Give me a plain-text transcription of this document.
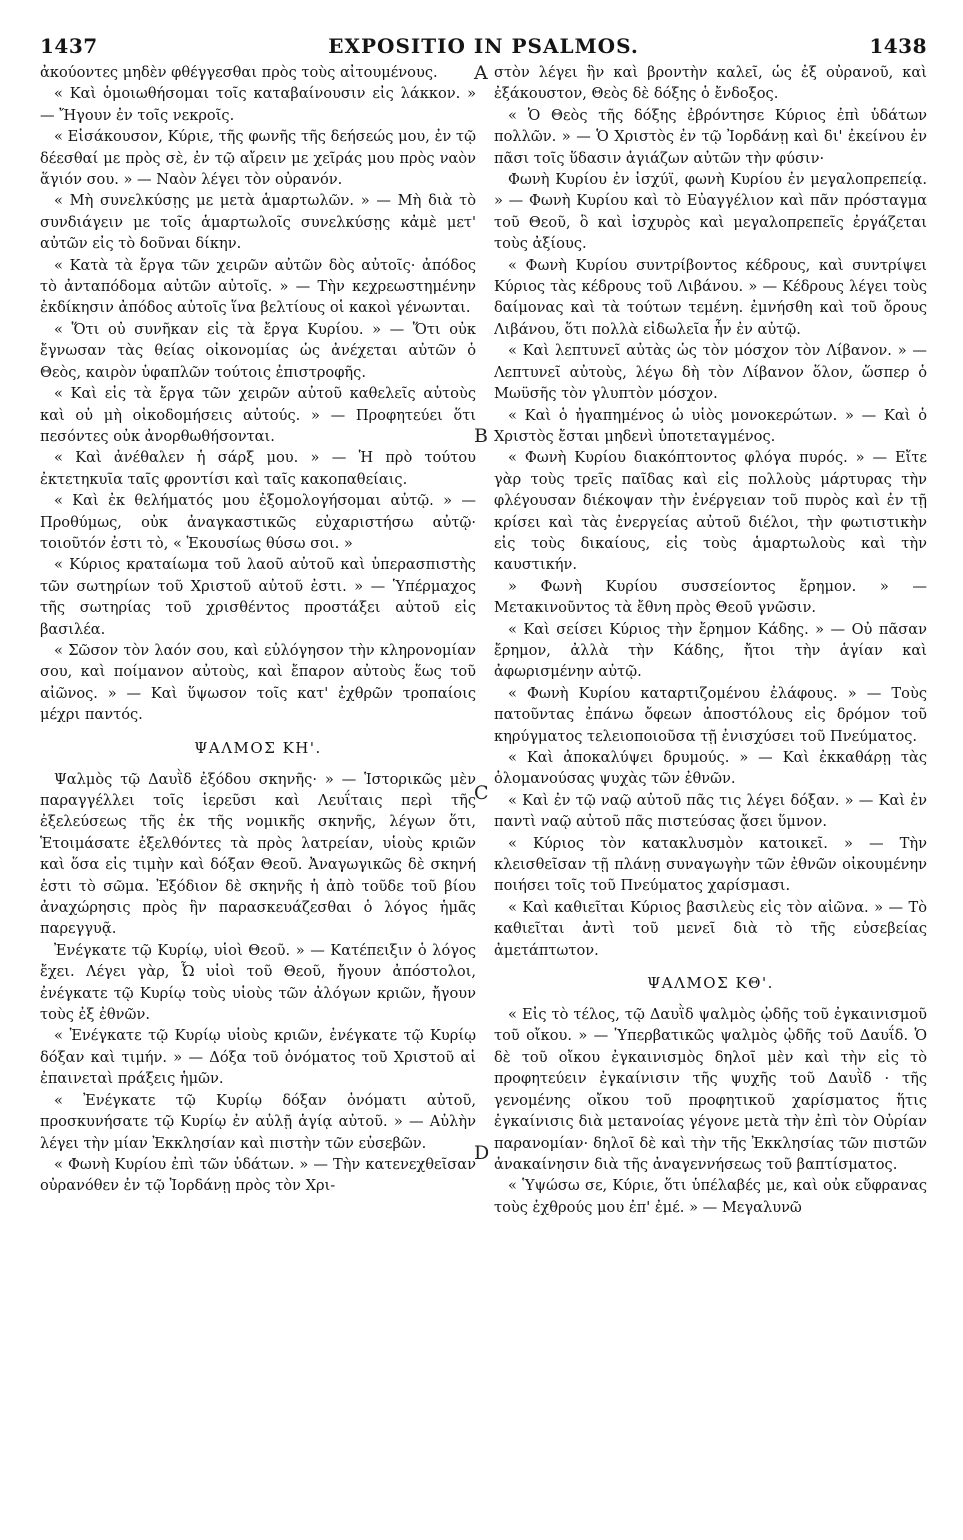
1437	EXPOSITIO IN PSALMOS.	1438
A
B
C
D

ἀκούοντες μηδὲν φθέγγεσθαι πρὸς τοὺς αἰτουμένους.

« Καὶ ὁμοιωθήσομαι τοῖς καταβαίνουσιν εἰς λάκκον. » — Ἤγουν ἐν τοῖς νεκροῖς.

« Εἰσάκουσον, Κύριε, τῆς φωνῆς τῆς δεήσεώς μου, ἐν τῷ δέεσθαί με πρὸς σὲ, ἐν τῷ αἴρειν με χεῖράς μου πρὸς ναὸν ἅγιόν σου. » — Ναὸν λέγει τὸν οὐρανόν.

« Μὴ συνελκύσῃς με μετὰ ἁμαρτωλῶν. » — Μὴ διὰ τὸ συνδιάγειν με τοῖς ἁμαρτωλοῖς συνελκύσῃς κἀμὲ μετ' αὐτῶν εἰς τὸ δοῦναι δίκην.

« Κατὰ τὰ ἔργα τῶν χειρῶν αὐτῶν δὸς αὐτοῖς· ἀπόδος τὸ ἀνταπόδομα αὐτῶν αὐτοῖς. » — Τὴν κεχρεωστημένην ἐκδίκησιν ἀπόδος αὐτοῖς ἵνα βελτίους οἱ κακοὶ γένωνται.

« Ὅτι οὐ συνῆκαν εἰς τὰ ἔργα Κυρίου. » — Ὅτι οὐκ ἔγνωσαν τὰς θείας οἰκονομίας ὡς ἀνέχεται αὐτῶν ὁ Θεὸς, καιρὸν ὑφαπλῶν τούτοις ἐπιστροφῆς.

« Καὶ εἰς τὰ ἔργα τῶν χειρῶν αὐτοῦ καθελεῖς αὐτοὺς καὶ οὐ μὴ οἰκοδομήσεις αὐτούς. » — Προφητεύει ὅτι πεσόντες οὐκ ἀνορθωθήσονται.

« Καὶ ἀνέθαλεν ἡ σάρξ μου. » — Ἡ πρὸ τούτου ἐκτετηκυῖα ταῖς φροντίσι καὶ ταῖς κακοπαθείαις.

« Καὶ ἐκ θελήματός μου ἐξομολογήσομαι αὐτῷ. » — Προθύμως, οὐκ ἀναγκαστικῶς εὐχαριστήσω αὐτῷ· τοιοῦτόν ἐστι τὸ, « Ἑκουσίως θύσω σοι. »

« Κύριος κραταίωμα τοῦ λαοῦ αὐτοῦ καὶ ὑπερασπιστὴς τῶν σωτηρίων τοῦ Χριστοῦ αὐτοῦ ἐστι. » — Ὑπέρμαχος τῆς σωτηρίας τοῦ χρισθέντος προστάξει αὐτοῦ εἰς βασιλέα.

« Σῶσον τὸν λαόν σου, καὶ εὐλόγησον τὴν κληρονομίαν σου, καὶ ποίμανον αὐτοὺς, καὶ ἔπαρον αὐτοὺς ἕως τοῦ αἰῶνος. » — Καὶ ὕψωσον τοῖς κατ' ἐχθρῶν τροπαίοις μέχρι παντός.

ΨΑΛΜΟΣ ΚΗ'.

Ψαλμὸς τῷ Δαυῒδ ἐξόδου σκηνῆς· » — Ἱστορικῶς μὲν παραγγέλλει τοῖς ἱερεῦσι καὶ Λευΐταις περὶ τῆς ἐξελεύσεως τῆς ἐκ τῆς νομικῆς σκηνῆς, λέγων ὅτι, Ἑτοιμάσατε ἐξελθόντες τὰ πρὸς λατρείαν, υἱοὺς κριῶν καὶ ὅσα εἰς τιμὴν καὶ δόξαν Θεοῦ. Ἀναγωγικῶς δὲ σκηνή ἐστι τὸ σῶμα. Ἐξόδιον δὲ σκηνῆς ἡ ἀπὸ τοῦδε τοῦ βίου ἀναχώρησις πρὸς ἣν παρασκευάζεσθαι ὁ λόγος ἡμᾶς παρεγγυᾷ.

Ἐνέγκατε τῷ Κυρίῳ, υἱοὶ Θεοῦ. » — Κατέπειξιν ὁ λόγος ἔχει. Λέγει γὰρ, Ὦ υἱοὶ τοῦ Θεοῦ, ἤγουν ἀπόστολοι, ἐνέγκατε τῷ Κυρίῳ τοὺς υἱοὺς τῶν ἀλόγων κριῶν, ἤγουν τοὺς ἐξ ἐθνῶν.

« Ἐνέγκατε τῷ Κυρίῳ υἱοὺς κριῶν, ἐνέγκατε τῷ Κυρίῳ δόξαν καὶ τιμήν. » — Δόξα τοῦ ὀνόματος τοῦ Χριστοῦ αἱ ἐπαινεταὶ πράξεις ἡμῶν.

« Ἐνέγκατε τῷ Κυρίῳ δόξαν ὀνόματι αὐτοῦ, προσκυνήσατε τῷ Κυρίῳ ἐν αὐλῇ ἁγίᾳ αὐτοῦ. » — Αὐλὴν λέγει τὴν μίαν Ἐκκλησίαν καὶ πιστὴν τῶν εὐσεβῶν.

« Φωνὴ Κυρίου ἐπὶ τῶν ὑδάτων. » — Τὴν κατενεχθεῖσαν οὐρανόθεν ἐν τῷ Ἰορδάνῃ πρὸς τὸν Χρι-

στὸν λέγει ἣν καὶ βροντὴν καλεῖ, ὡς ἐξ οὐρανοῦ, καὶ ἐξάκουστον, Θεὸς δὲ δόξης ὁ ἔνδοξος.

« Ὁ Θεὸς τῆς δόξης ἐβρόντησε Κύριος ἐπὶ ὑδάτων πολλῶν. » — Ὁ Χριστὸς ἐν τῷ Ἰορδάνῃ καὶ δι' ἐκείνου ἐν πᾶσι τοῖς ὕδασιν ἁγιάζων αὐτῶν τὴν φύσιν·

Φωνὴ Κυρίου ἐν ἰσχύϊ, φωνὴ Κυρίου ἐν μεγαλοπρεπείᾳ. » — Φωνὴ Κυρίου καὶ τὸ Εὐαγγέλιον καὶ πᾶν πρόσταγμα τοῦ Θεοῦ, ὃ καὶ ἰσχυρὸς καὶ μεγαλοπρεπεῖς ἐργάζεται τοὺς ἀξίους.

« Φωνὴ Κυρίου συντρίβοντος κέδρους, καὶ συντρίψει Κύριος τὰς κέδρους τοῦ Λιβάνου. » — Κέδρους λέγει τοὺς δαίμονας καὶ τὰ τούτων τεμένη. ἐμνήσθη καὶ τοῦ ὄρους Λιβάνου, ὅτι πολλὰ εἰδωλεῖα ἦν ἐν αὐτῷ.

« Καὶ λεπτυνεῖ αὐτὰς ὡς τὸν μόσχον τὸν Λίβανον. » — Λεπτυνεῖ αὐτοὺς, λέγω δὴ τὸν Λίβανον ὅλον, ὥσπερ ὁ Μωϋσῆς τὸν γλυπτὸν μόσχον.

« Καὶ ὁ ἠγαπημένος ὡ υἱὸς μονοκερώτων. » — Καὶ ὁ Χριστὸς ἔσται μηδενὶ ὑποτεταγμένος.

« Φωνὴ Κυρίου διακόπτοντος φλόγα πυρός. » — Εἴτε γὰρ τοὺς τρεῖς παῖδας καὶ εἰς πολλοὺς μάρτυρας τὴν φλέγουσαν διέκοψαν τὴν ἐνέργειαν τοῦ πυρὸς καὶ ἐν τῇ κρίσει καὶ τὰς ἐνεργείας αὐτοῦ διέλοι, τὴν φωτιστικὴν εἰς τοὺς δικαίους, εἰς τοὺς ἁμαρτωλοὺς καὶ τὴν καυστικήν.

» Φωνὴ Κυρίου συσσείοντος ἔρημον. » — Μετακινοῦντος τὰ ἔθνη πρὸς Θεοῦ γνῶσιν.

« Καὶ σείσει Κύριος τὴν ἔρημον Κάδης. » — Οὐ πᾶσαν ἔρημον, ἀλλὰ τὴν Κάδης, ἤτοι τὴν ἁγίαν καὶ ἀφωρισμένην αὐτῷ.

« Φωνὴ Κυρίου καταρτιζομένου ἐλάφους. » — Τοὺς πατοῦντας ἐπάνω ὄφεων ἀποστόλους εἰς δρόμον τοῦ κηρύγματος τελειοποιοῦσα τῇ ἐνισχύσει τοῦ Πνεύματος.

« Καὶ ἀποκαλύψει δρυμούς. » — Καὶ ἐκκαθάρῃ τὰς ὁλομανούσας ψυχὰς τῶν ἐθνῶν.

« Καὶ ἐν τῷ ναῷ αὐτοῦ πᾶς τις λέγει δόξαν. » — Καὶ ἐν παντὶ ναῷ αὐτοῦ πᾶς πιστεύσας ᾄσει ὕμνον.

« Κύριος τὸν κατακλυσμὸν κατοικεῖ. » — Τὴν κλεισθεῖσαν τῇ πλάνῃ συναγωγὴν τῶν ἐθνῶν οἰκουμένην ποιήσει τοῖς τοῦ Πνεύματος χαρίσμασι.

« Καὶ καθιεῖται Κύριος βασιλεὺς εἰς τὸν αἰῶνα. » — Τὸ καθιεῖται ἀντὶ τοῦ μενεῖ διὰ τὸ τῆς εὐσεβείας ἀμετάπτωτον.

ΨΑΛΜΟΣ ΚΘ'.

« Εἰς τὸ τέλος, τῷ Δαυῒδ ψαλμὸς ᾠδῆς τοῦ ἐγκαινισμοῦ τοῦ οἴκου. » — Ὑπερβατικῶς ψαλμὸς ᾠδῆς τοῦ Δαυΐδ. Ὁ δὲ τοῦ οἴκου ἐγκαινισμὸς δηλοῖ μὲν καὶ τὴν εἰς τὸ προφητεύειν ἐγκαίνισιν τῆς ψυχῆς τοῦ Δαυῒδ · τῆς γενομένης οἴκου τοῦ προφητικοῦ χαρίσματος ἥτις ἐγκαίνισις διὰ μετανοίας γέγονε μετὰ τὴν ἐπὶ τὸν Οὐρίαν παρανομίαν· δηλοῖ δὲ καὶ τὴν τῆς Ἐκκλησίας τῶν πιστῶν ἀνακαίνησιν διὰ τῆς ἀναγεννήσεως τοῦ βαπτίσματος.

« Ὑψώσω σε, Κύριε, ὅτι ὑπέλαβές με, καὶ οὐκ εὔφρανας τοὺς ἐχθρούς μου ἐπ' ἐμέ. » — Μεγαλυνῶ
